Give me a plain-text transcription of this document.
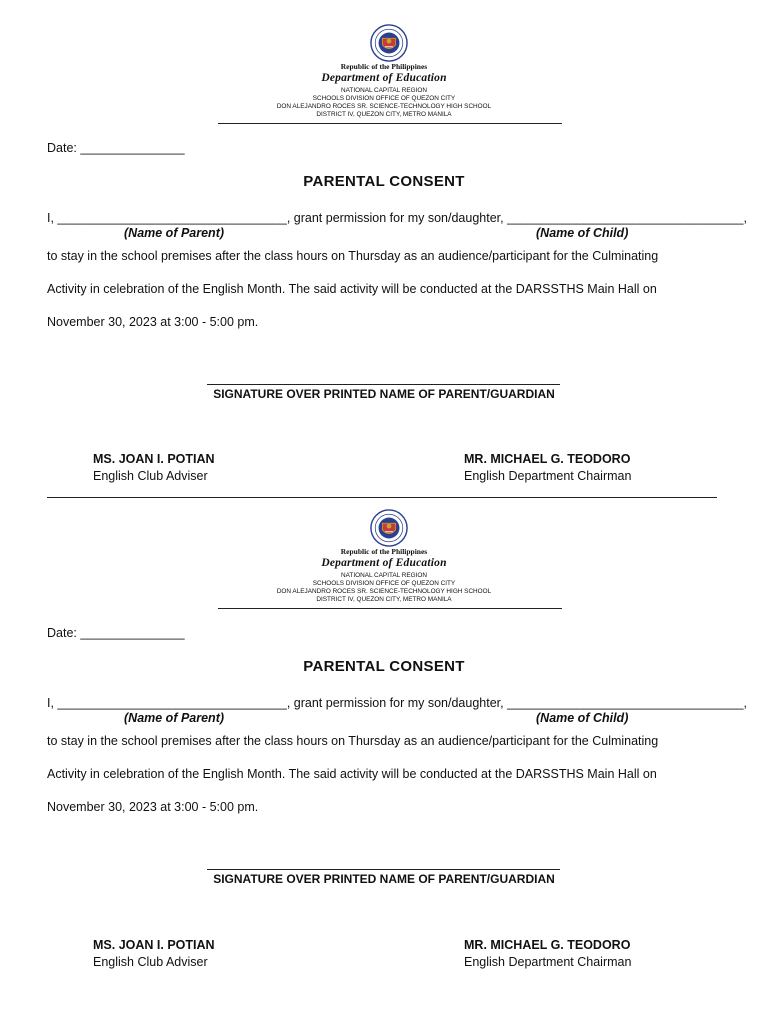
Republic of the Philippines
Department of Education
NATIONAL CAPITAL REGION
SCHOOLS DIVISION OFFICE OF QUEZON CITY
DON ALEJANDRO ROCES SR. SCIENCE-TECHNOLOGY HIGH SCHOOL
DISTRICT IV, QUEZON CITY, METRO MANILA
Date: _______________
PARENTAL CONSENT
I, _________________________________, grant permission for my son/daughter, __________________________________,
(Name of Parent)	(Name of Child)
to stay in the school premises after the class hours on Thursday as an audience/participant for the Culminating
Activity in celebration of the English Month. The said activity will be conducted at the DARSSTHS Main Hall on
November 30, 2023 at 3:00 - 5:00 pm.
SIGNATURE OVER PRINTED NAME OF PARENT/GUARDIAN
MS. JOAN I. POTIAN
English Club Adviser
MR. MICHAEL G. TEODORO
English Department Chairman
Republic of the Philippines
Department of Education
NATIONAL CAPITAL REGION
SCHOOLS DIVISION OFFICE OF QUEZON CITY
DON ALEJANDRO ROCES SR. SCIENCE-TECHNOLOGY HIGH SCHOOL
DISTRICT IV, QUEZON CITY, METRO MANILA
Date: _______________
PARENTAL CONSENT
I, _________________________________, grant permission for my son/daughter, __________________________________,
(Name of Parent)	(Name of Child)
to stay in the school premises after the class hours on Thursday as an audience/participant for the Culminating
Activity in celebration of the English Month. The said activity will be conducted at the DARSSTHS Main Hall on
November 30, 2023 at 3:00 - 5:00 pm.
SIGNATURE OVER PRINTED NAME OF PARENT/GUARDIAN
MS. JOAN I. POTIAN
English Club Adviser
MR. MICHAEL G. TEODORO
English Department Chairman
